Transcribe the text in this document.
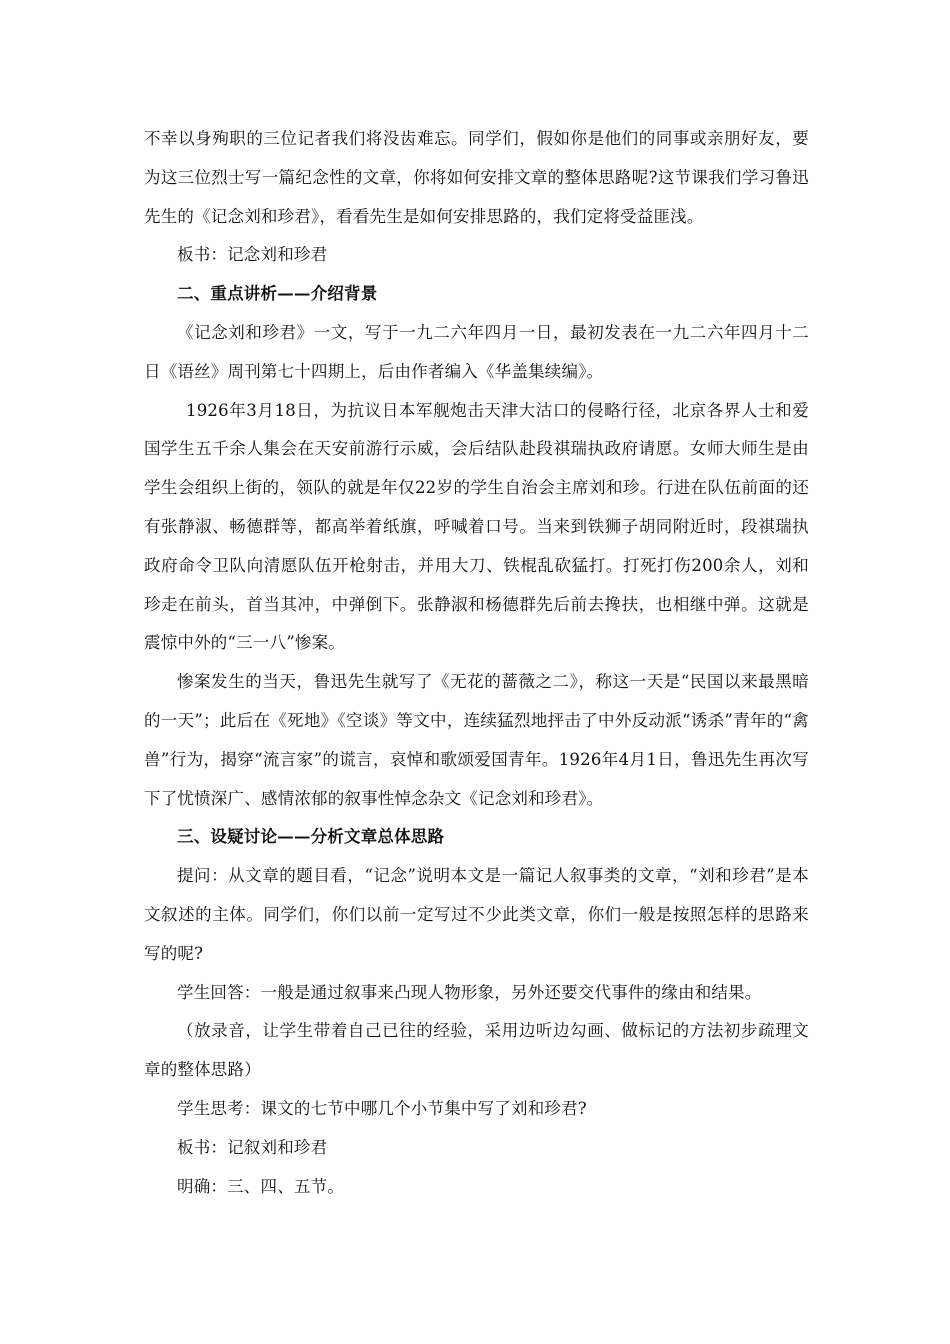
不幸以身殉职的三位记者我们将没齿难忘。同学们，假如你是他们的同事或亲朋好友，要为这三位烈士写一篇纪念性的文章，你将如何安排文章的整体思路呢?这节课我们学习鲁迅先生的《记念刘和珍君》，看看先生是如何安排思路的，我们定将受益匪浅。

板书：记念刘和珍君

二、重点讲析——介绍背景

《记念刘和珍君》一文，写于一九二六年四月一日，最初发表在一九二六年四月十二日《语丝》周刊第七十四期上，后由作者编入《华盖集续编》。

1926年3月18日，为抗议日本军舰炮击天津大沽口的侵略行径，北京各界人士和爱国学生五千余人集会在天安前游行示威，会后结队赴段祺瑞执政府请愿。女师大师生是由学生会组织上街的，领队的就是年仅22岁的学生自治会主席刘和珍。行进在队伍前面的还有张静淑、畅德群等，都高举着纸旗，呼喊着口号。当来到铁狮子胡同附近时，段祺瑞执政府命令卫队向清愿队伍开枪射击，并用大刀、铁棍乱砍猛打。打死打伤200余人，刘和珍走在前头，首当其冲，中弹倒下。张静淑和杨德群先后前去搀扶，也相继中弹。这就是震惊中外的“三一八”惨案。

惨案发生的当天，鲁迅先生就写了《无花的蔷薇之二》，称这一天是“民国以来最黑暗的一天”；此后在《死地》《空谈》等文中，连续猛烈地抨击了中外反动派“诱杀”青年的“禽兽”行为，揭穿“流言家”的谎言，哀悼和歌颂爱国青年。1926年4月1日，鲁迅先生再次写下了忧愤深广、感情浓郁的叙事性悼念杂文《记念刘和珍君》。

三、设疑讨论——分析文章总体思路

提问：从文章的题目看，“记念”说明本文是一篇记人叙事类的文章，“刘和珍君”是本文叙述的主体。同学们，你们以前一定写过不少此类文章，你们一般是按照怎样的思路来写的呢?

学生回答：一般是通过叙事来凸现人物形象，另外还要交代事件的缘由和结果。

（放录音，让学生带着自己已往的经验，采用边听边勾画、做标记的方法初步疏理文章的整体思路）

学生思考：课文的七节中哪几个小节集中写了刘和珍君?

板书：记叙刘和珍君

明确：三、四、五节。
